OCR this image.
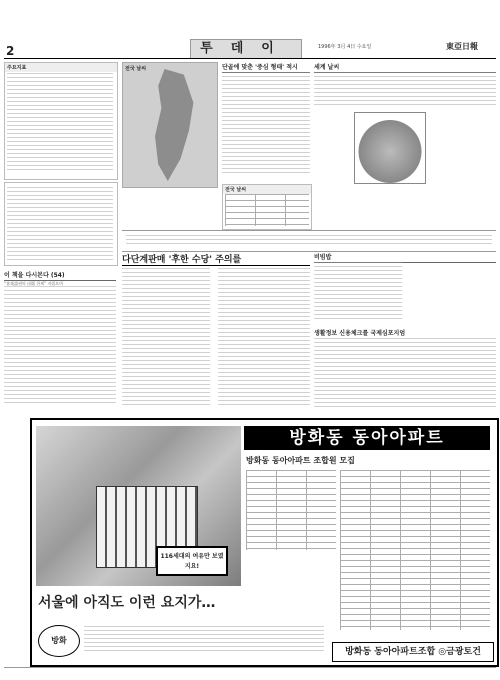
2	투데이	1996年 3月 4日 수요일	東亞日報
주요지표
이 책을 다시본다 (54)
“非英語권의 出版 한계” 저렸으며
전국 날씨	단골에 맞춘 '중심 형태' 적시
전국 날씨
세계 날씨
다단계판매 '후한 수당' 주의를	비빔밥
생활정보 신용체크를 국제심포지엄
116세대의 여유만 보였지요!
방화동 동아아파트
방화동 동아아파트 조합원 모집
서울에 아직도 이런 요지가…
방화
방화동 동아아파트조합 ◎금광토건
